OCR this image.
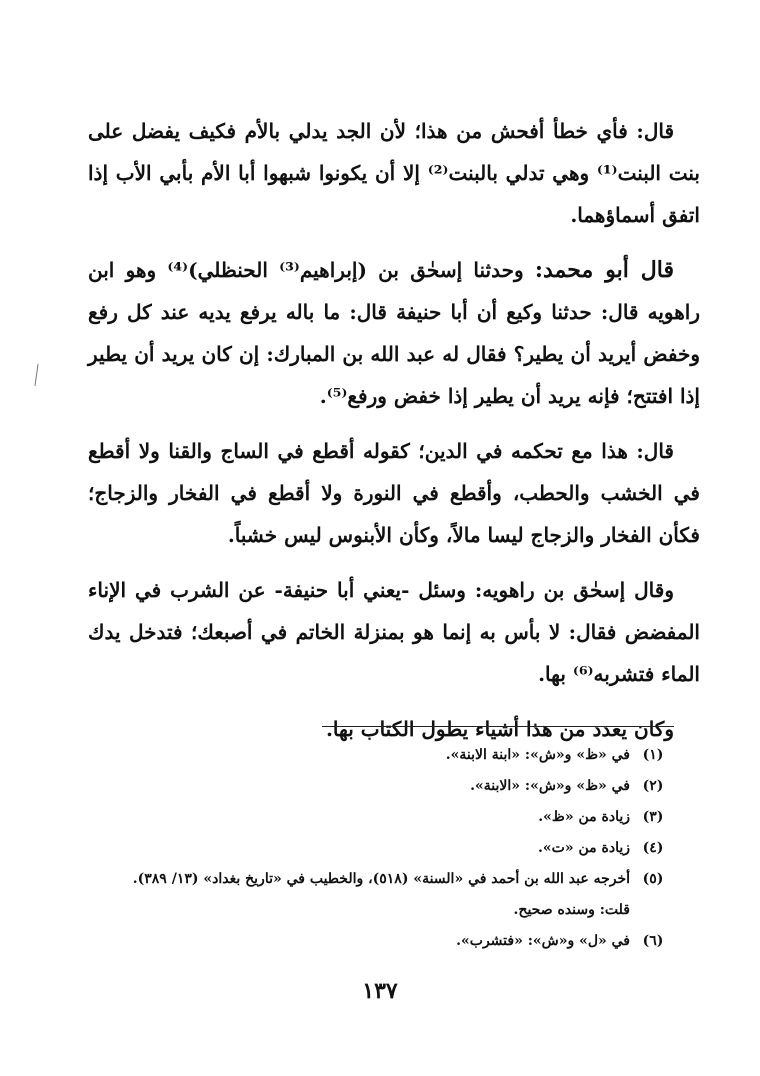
قال: فأي خطأ أفحش من هذا؛ لأن الجد يدلي بالأم فكيف يفضل على بنت البنت⁽¹⁾ وهي تدلي بالبنت⁽²⁾ إلا أن يكونوا شبهوا أبا الأم بأبي الأب إذا اتفق أسماؤهما.

قال أبو محمد: وحدثنا إسحٰق بن (إبراهيم⁽³⁾ الحنظلي)⁽⁴⁾ وهو ابن راهويه قال: حدثنا وكيع أن أبا حنيفة قال: ما باله يرفع يديه عند كل رفع وخفض أيريد أن يطير؟ فقال له عبد الله بن المبارك: إن كان يريد أن يطير إذا افتتح؛ فإنه يريد أن يطير إذا خفض ورفع⁽⁵⁾.

قال: هذا مع تحكمه في الدين؛ كقوله أقطع في الساج والقنا ولا أقطع في الخشب والحطب، وأقطع في النورة ولا أقطع في الفخار والزجاج؛ فكأن الفخار والزجاج ليسا مالاً، وكأن الأبنوس ليس خشباً.

وقال إسحٰق بن راهويه: وسئل -يعني أبا حنيفة- عن الشرب في الإناء المفضض فقال: لا بأس به إنما هو بمنزلة الخاتم في أصبعك؛ فتدخل يدك الماء فتشربه⁽⁶⁾ بها.

وكان يعدد من هذا أشياء يطول الكتاب بها.

(١)
في «ظ» و«ش»: «ابنة الابنة».
(٢)
في «ظ» و«ش»: «الابنة».
(٣)
زيادة من «ظ».
(٤)
زيادة من «ت».
(٥)
أخرجه عبد الله بن أحمد في «السنة» (٥١٨)، والخطيب في «تاريخ بغداد» (١٣/ ٣٨٩).
قلت: وسنده صحيح.
(٦)
في «ل» و«ش»: «فتشرب».
١٣٧
